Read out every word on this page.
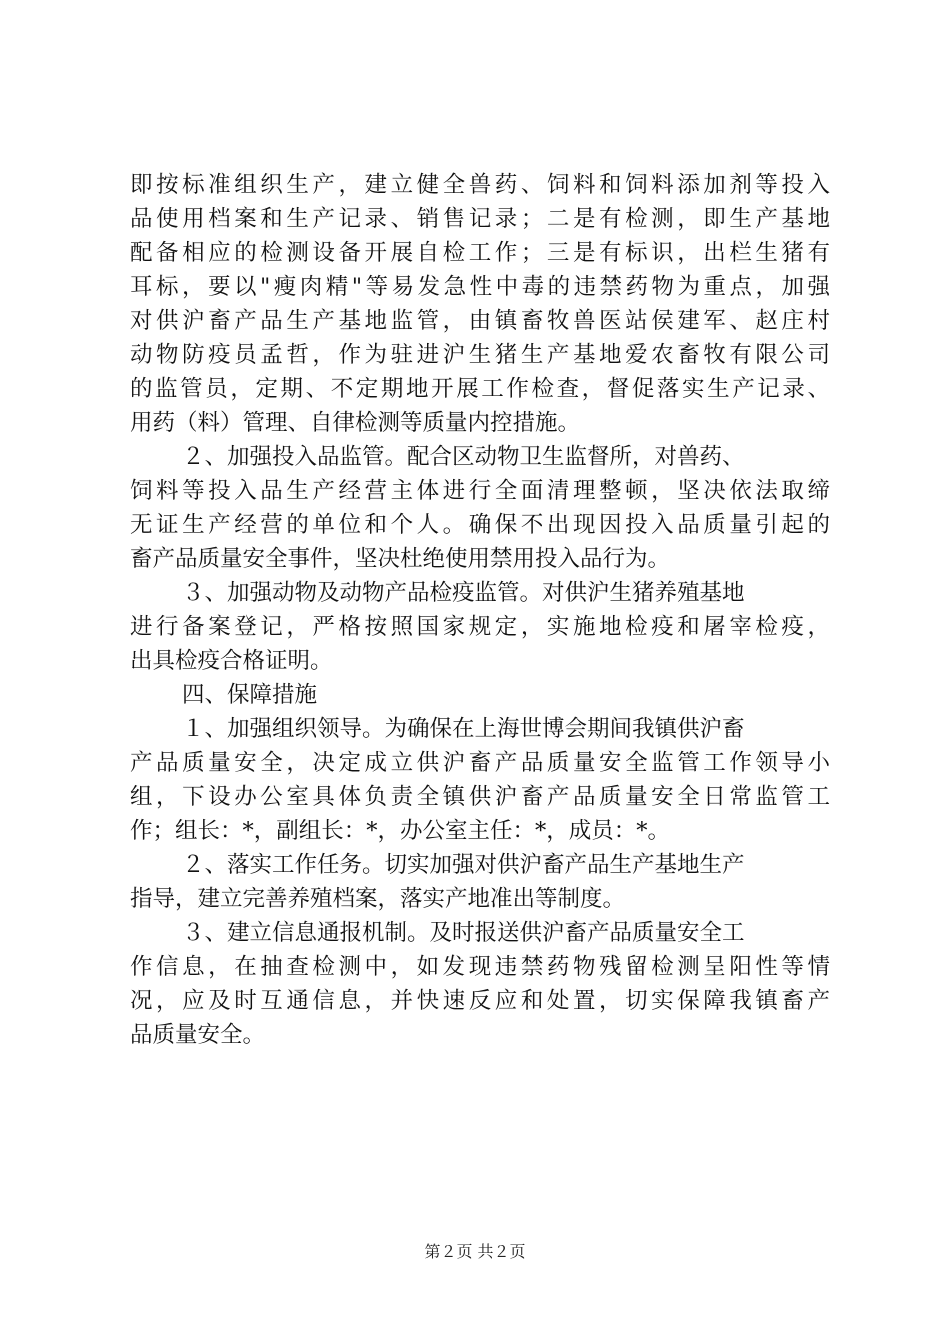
即按标准组织生产，建立健全兽药、饲料和饲料添加剂等投入
品使用档案和生产记录、销售记录；二是有检测，即生产基地
配备相应的检测设备开展自检工作；三是有标识，出栏生猪有
耳标，要以"瘦肉精"等易发急性中毒的违禁药物为重点，加强
对供沪畜产品生产基地监管，由镇畜牧兽医站侯建军、赵庄村
动物防疫员孟哲，作为驻进沪生猪生产基地爱农畜牧有限公司
的监管员，定期、不定期地开展工作检查，督促落实生产记录、
用药（料）管理、自律检测等质量内控措施。
２、加强投入品监管。配合区动物卫生监督所，对兽药、
饲料等投入品生产经营主体进行全面清理整顿，坚决依法取缔
无证生产经营的单位和个人。确保不出现因投入品质量引起的
畜产品质量安全事件，坚决杜绝使用禁用投入品行为。
３、加强动物及动物产品检疫监管。对供沪生猪养殖基地
进行备案登记，严格按照国家规定，实施地检疫和屠宰检疫，
出具检疫合格证明。
四、保障措施
１、加强组织领导。为确保在上海世博会期间我镇供沪畜
产品质量安全，决定成立供沪畜产品质量安全监管工作领导小
组，下设办公室具体负责全镇供沪畜产品质量安全日常监管工
作；组长：*，副组长：*，办公室主任：*，成员：*。
２、落实工作任务。切实加强对供沪畜产品生产基地生产
指导，建立完善养殖档案，落实产地准出等制度。
３、建立信息通报机制。及时报送供沪畜产品质量安全工
作信息，在抽查检测中，如发现违禁药物残留检测呈阳性等情
况，应及时互通信息，并快速反应和处置，切实保障我镇畜产
品质量安全。
第２页 共２页
